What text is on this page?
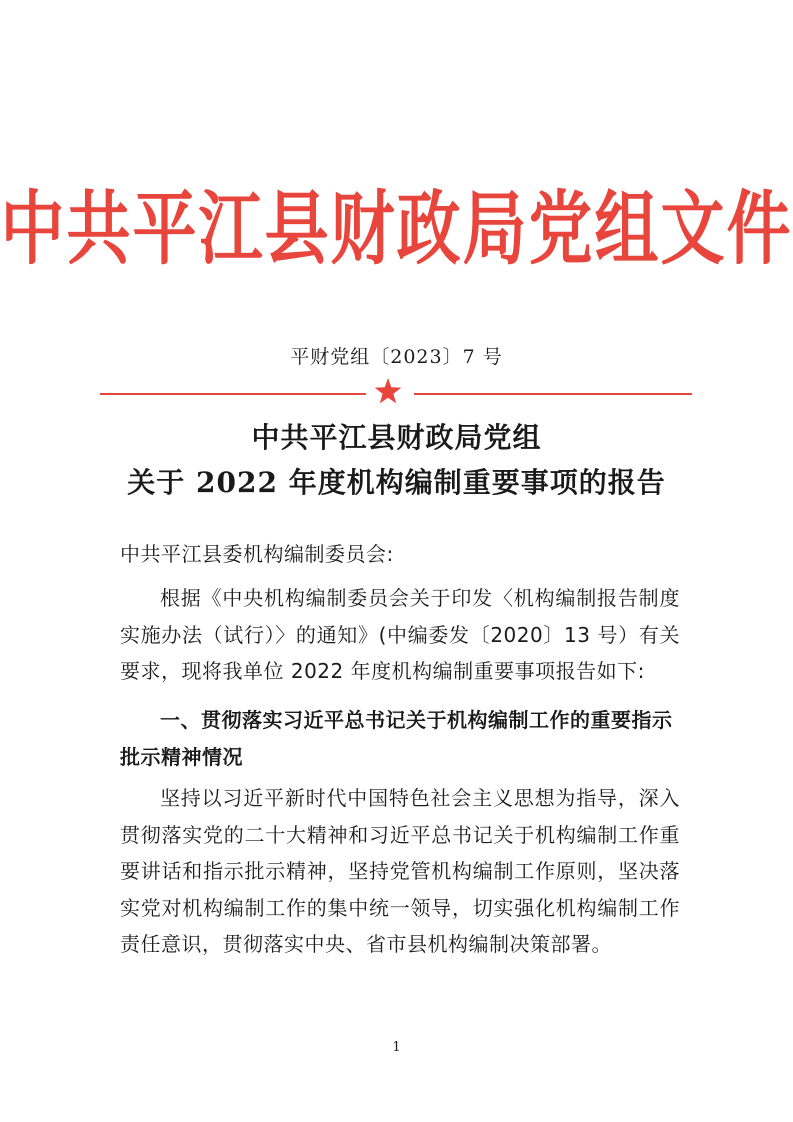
中共平江县财政局党组文件
平财党组〔2023〕7 号
中共平江县财政局党组
关于 2022 年度机构编制重要事项的报告
中共平江县委机构编制委员会:
根据《中央机构编制委员会关于印发〈机构编制报告制度实施办法（试行）〉的通知》(中编委发〔2020〕13 号）有关要求，现将我单位 2022 年度机构编制重要事项报告如下:
一、贯彻落实习近平总书记关于机构编制工作的重要指示批示精神情况
坚持以习近平新时代中国特色社会主义思想为指导，深入贯彻落实党的二十大精神和习近平总书记关于机构编制工作重要讲话和指示批示精神，坚持党管机构编制工作原则，坚决落实党对机构编制工作的集中统一领导，切实强化机构编制工作责任意识，贯彻落实中央、省市县机构编制决策部署。
1
